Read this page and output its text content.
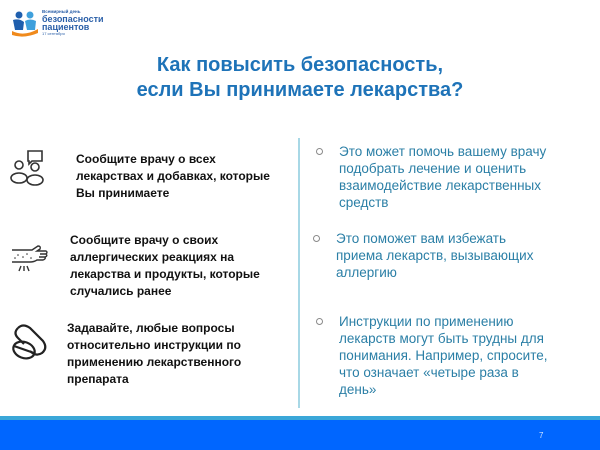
Всемирный день
безопасности
пациентов
17 сентября
Как повысить безопасность,
если Вы принимаете лекарства?
Сообщите врачу о всех
лекарствах и добавках, которые
Вы принимаете
Сообщите врачу о своих
аллергических реакциях на
лекарства и продукты, которые
случались ранее
Задавайте, любые вопросы
относительно инструкции по
применению лекарственного
препарата
Это может помочь вашему врачу
подобрать лечение и оценить
взаимодействие лекарственных
средств
Это поможет вам избежать
приема лекарств, вызывающих
аллергию
Инструкции по применению
лекарств могут быть трудны для
понимания. Например, спросите,
что означает «четыре раза в
день»
7
